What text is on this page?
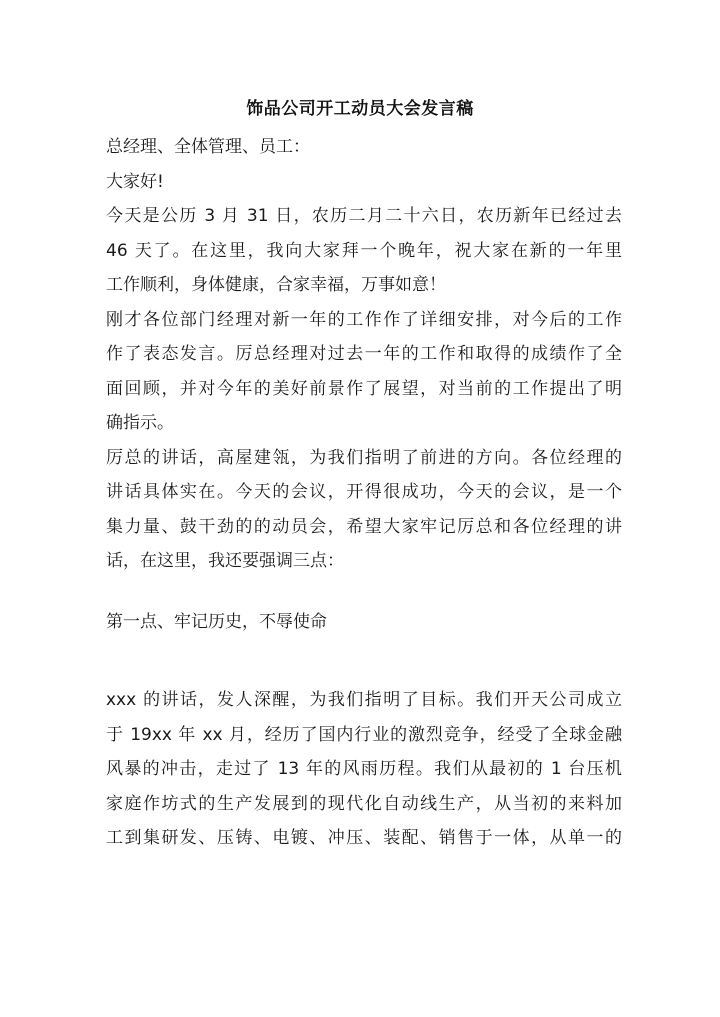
饰品公司开工动员大会发言稿
总经理、全体管理、员工：
大家好!
今天是公历 3 月 31 日，农历二月二十六日，农历新年已经过去
46 天了。在这里，我向大家拜一个晚年，祝大家在新的一年里
工作顺利，身体健康，合家幸福，万事如意！
刚才各位部门经理对新一年的工作作了详细安排，对今后的工作
作了表态发言。厉总经理对过去一年的工作和取得的成绩作了全
面回顾，并对今年的美好前景作了展望，对当前的工作提出了明
确指示。
厉总的讲话，高屋建瓴，为我们指明了前进的方向。各位经理的
讲话具体实在。今天的会议，开得很成功，今天的会议，是一个
集力量、鼓干劲的的动员会，希望大家牢记厉总和各位经理的讲
话，在这里，我还要强调三点：
第一点、牢记历史，不辱使命
xxx 的讲话，发人深醒，为我们指明了目标。我们开天公司成立
于 19xx 年 xx 月，经历了国内行业的激烈竞争，经受了全球金融
风暴的冲击，走过了 13 年的风雨历程。我们从最初的 1 台压机
家庭作坊式的生产发展到的现代化自动线生产，从当初的来料加
工到集研发、压铸、电镀、冲压、装配、销售于一体，从单一的
